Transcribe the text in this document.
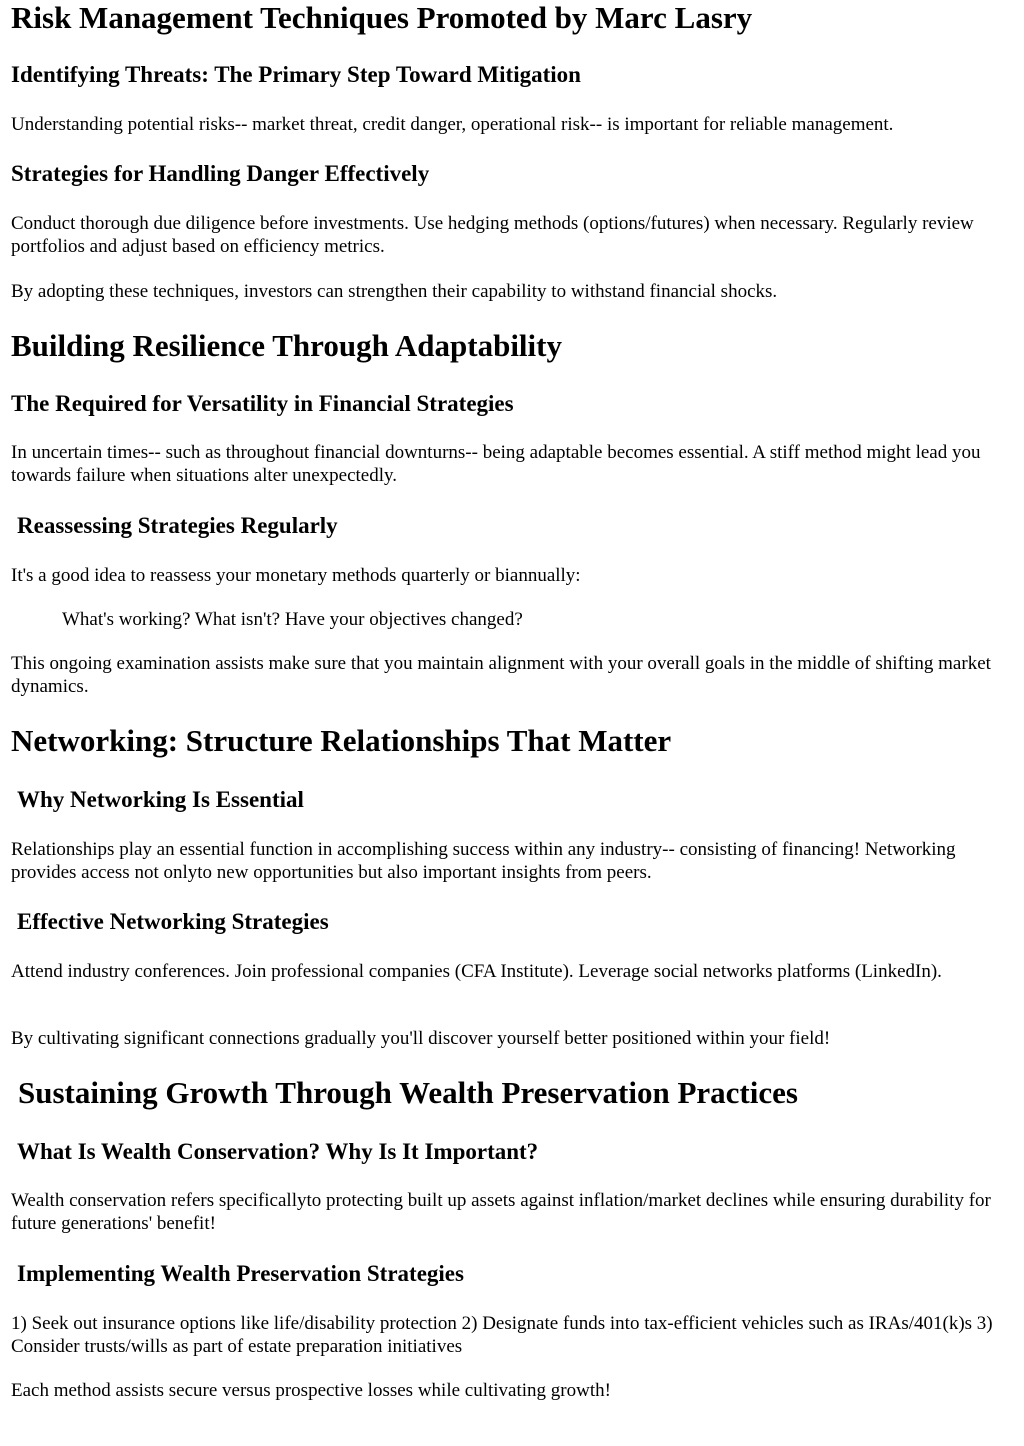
Risk Management Techniques Promoted by Marc Lasry
Identifying Threats: The Primary Step Toward Mitigation

Understanding potential risks-- market threat, credit danger, operational risk-- is important for reliable management.

Strategies for Handling Danger Effectively

Conduct thorough due diligence before investments. Use hedging methods (options/futures) when necessary. Regularly review portfolios and adjust based on efficiency metrics.

By adopting these techniques, investors can strengthen their capability to withstand financial shocks.

Building Resilience Through Adaptability
The Required for Versatility in Financial Strategies

In uncertain times-- such as throughout financial downturns-- being adaptable becomes essential. A stiff method might lead you towards failure when situations alter unexpectedly.

Reassessing Strategies Regularly

It's a good idea to reassess your monetary methods quarterly or biannually:

What's working? What isn't? Have your objectives changed?

This ongoing examination assists make sure that you maintain alignment with your overall goals in the middle of shifting market dynamics.

Networking: Structure Relationships That Matter
Why Networking Is Essential

Relationships play an essential function in accomplishing success within any industry-- consisting of financing! Networking provides access not onlyto new opportunities but also important insights from peers.

Effective Networking Strategies

Attend industry conferences. Join professional companies (CFA Institute). Leverage social networks platforms (LinkedIn).

By cultivating significant connections gradually you'll discover yourself better positioned within your field!

Sustaining Growth Through Wealth Preservation Practices
What Is Wealth Conservation? Why Is It Important?

Wealth conservation refers specificallyto protecting built up assets against inflation/market declines while ensuring durability for future generations' benefit!

Implementing Wealth Preservation Strategies

1) Seek out insurance options like life/disability protection 2) Designate funds into tax-efficient vehicles such as IRAs/401(k)s 3) Consider trusts/wills as part of estate preparation initiatives

Each method assists secure versus prospective losses while cultivating growth!
